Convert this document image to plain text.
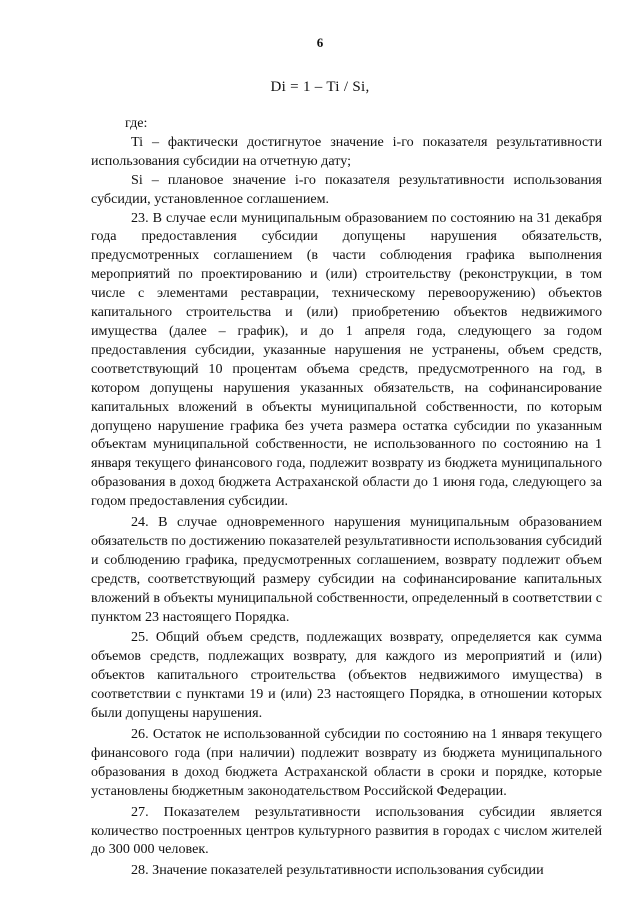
6
Di = 1 – Ti / Si,

где:

Ti – фактически достигнутое значение i-го показателя результативности использования субсидии на отчетную дату;

Si – плановое значение i-го показателя результативности использования субсидии, установленное соглашением.

23. В случае если муниципальным образованием по состоянию на 31 декабря года предоставления субсидии допущены нарушения обязательств, предусмотренных соглашением (в части соблюдения графика выполнения мероприятий по проектированию и (или) строительству (реконструкции, в том числе с элементами реставрации, техническому перевооружению) объектов капитального строительства и (или) приобретению объектов недвижимого имущества (далее – график), и до 1 апреля года, следующего за годом предоставления субсидии, указанные нарушения не устранены, объем средств, соответствующий 10 процентам объема средств, предусмотренного на год, в котором допущены нарушения указанных обязательств, на софинансирование капитальных вложений в объекты муниципальной собственности, по которым допущено нарушение графика без учета размера остатка субсидии по указанным объектам муниципальной собственности, не использованного по состоянию на 1 января текущего финансового года, подлежит возврату из бюджета муниципального образования в доход бюджета Астраханской области до 1 июня года, следующего за годом предоставления субсидии.

24. В случае одновременного нарушения муниципальным образованием обязательств по достижению показателей результативности использования субсидий и соблюдению графика, предусмотренных соглашением, возврату подлежит объем средств, соответствующий размеру субсидии на софинансирование капитальных вложений в объекты муниципальной собственности, определенный в соответствии с пунктом 23 настоящего Порядка.

25. Общий объем средств, подлежащих возврату, определяется как сумма объемов средств, подлежащих возврату, для каждого из мероприятий и (или) объектов капитального строительства (объектов недвижимого имущества) в соответствии с пунктами 19 и (или) 23 настоящего Порядка, в отношении которых были допущены нарушения.

26. Остаток не использованной субсидии по состоянию на 1 января текущего финансового года (при наличии) подлежит возврату из бюджета муниципального образования в доход бюджета Астраханской области в сроки и порядке, которые установлены бюджетным законодательством Российской Федерации.

27. Показателем результативности использования субсидии является количество построенных центров культурного развития в городах с числом жителей до 300 000 человек.

28. Значение показателей результативности использования субсидии
